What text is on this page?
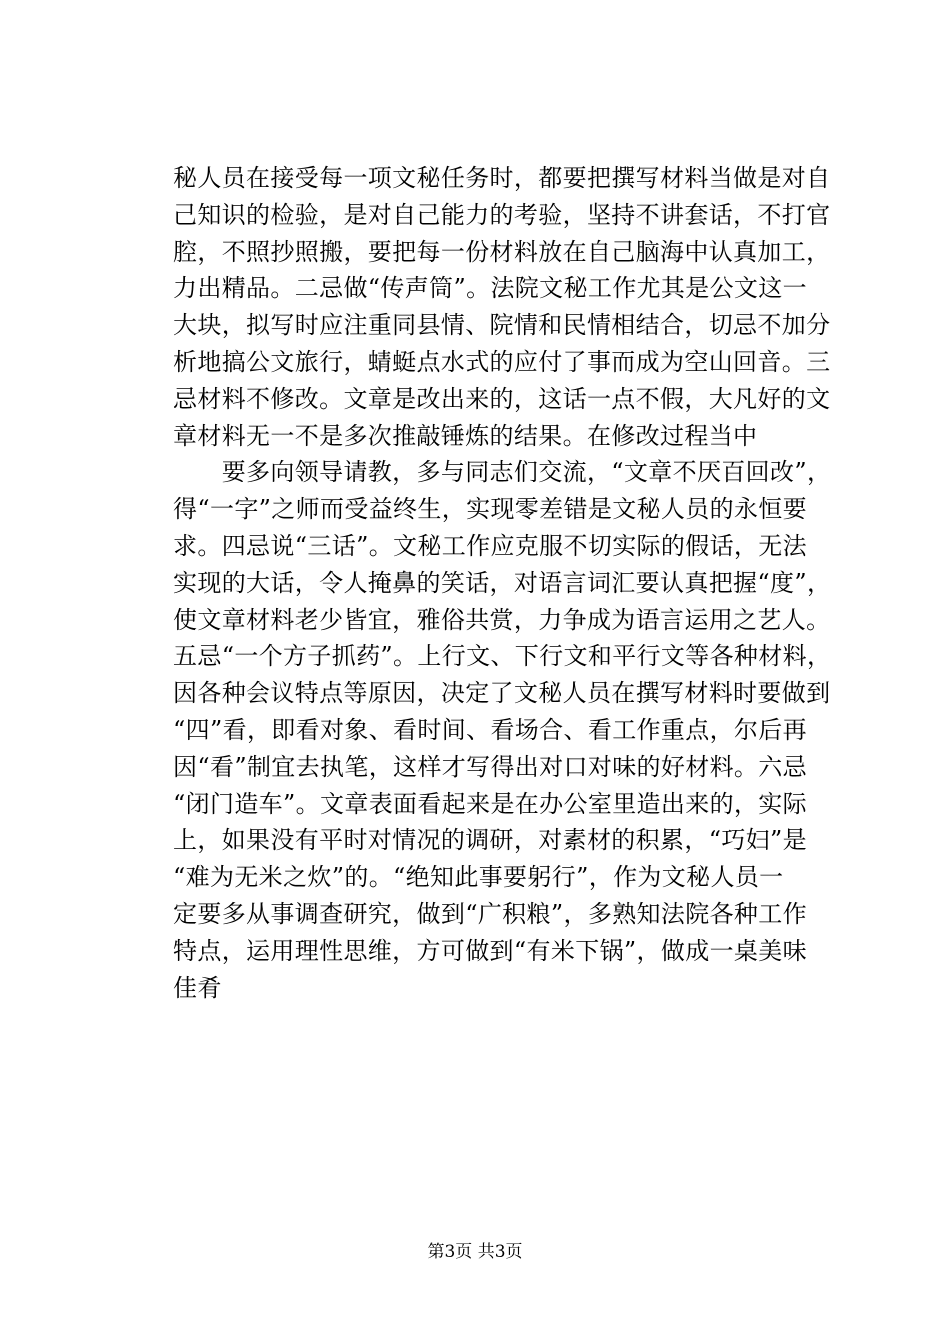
秘人员在接受每一项文秘任务时，都要把撰写材料当做是对自
己知识的检验，是对自己能力的考验，坚持不讲套话，不打官
腔，不照抄照搬，要把每一份材料放在自己脑海中认真加工，
力出精品。二忌做“传声筒”。法院文秘工作尤其是公文这一
大块，拟写时应注重同县情、院情和民情相结合，切忌不加分
析地搞公文旅行，蜻蜓点水式的应付了事而成为空山回音。三
忌材料不修改。文章是改出来的，这话一点不假，大凡好的文
章材料无一不是多次推敲锤炼的结果。在修改过程当中
　　要多向领导请教，多与同志们交流，“文章不厌百回改”，
得“一字”之师而受益终生，实现零差错是文秘人员的永恒要
求。四忌说“三话”。文秘工作应克服不切实际的假话，无法
实现的大话，令人掩鼻的笑话，对语言词汇要认真把握“度”，
使文章材料老少皆宜，雅俗共赏，力争成为语言运用之艺人。
五忌“一个方子抓药”。上行文、下行文和平行文等各种材料，
因各种会议特点等原因，决定了文秘人员在撰写材料时要做到
“四”看，即看对象、看时间、看场合、看工作重点，尔后再
因“看”制宜去执笔，这样才写得出对口对味的好材料。六忌
“闭门造车”。文章表面看起来是在办公室里造出来的，实际
上，如果没有平时对情况的调研，对素材的积累，“巧妇”是
“难为无米之炊”的。“绝知此事要躬行”，作为文秘人员一
定要多从事调查研究，做到“广积粮”，多熟知法院各种工作
特点，运用理性思维，方可做到“有米下锅”，做成一桌美味
佳肴
第3页 共3页
